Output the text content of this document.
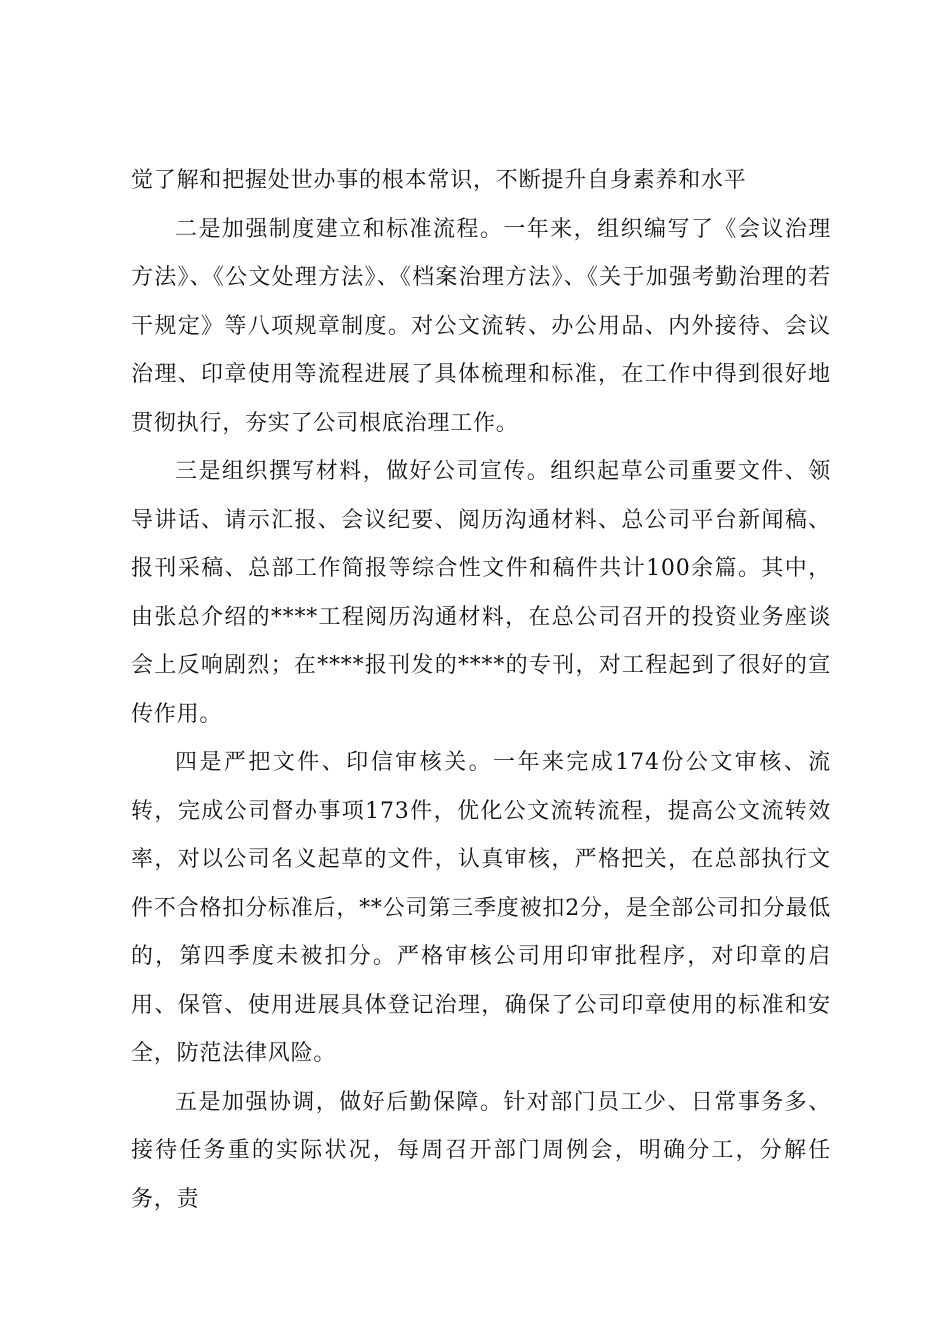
觉了解和把握处世办事的根本常识，不断提升自身素养和水平

二是加强制度建立和标准流程。一年来，组织编写了《会议治理方法》、《公文处理方法》、《档案治理方法》、《关于加强考勤治理的若干规定》等八项规章制度。对公文流转、办公用品、内外接待、会议治理、印章使用等流程进展了具体梳理和标准，在工作中得到很好地贯彻执行，夯实了公司根底治理工作。

三是组织撰写材料，做好公司宣传。组织起草公司重要文件、领导讲话、请示汇报、会议纪要、阅历沟通材料、总公司平台新闻稿、报刊采稿、总部工作简报等综合性文件和稿件共计100余篇。其中，由张总介绍的****工程阅历沟通材料，在总公司召开的投资业务座谈会上反响剧烈；在****报刊发的****的专刊，对工程起到了很好的宣传作用。

四是严把文件、印信审核关。一年来完成174份公文审核、流转，完成公司督办事项173件，优化公文流转流程，提高公文流转效率，对以公司名义起草的文件，认真审核，严格把关，在总部执行文件不合格扣分标准后，**公司第三季度被扣2分，是全部公司扣分最低的，第四季度未被扣分。严格审核公司用印审批程序，对印章的启用、保管、使用进展具体登记治理，确保了公司印章使用的标准和安全，防范法律风险。

五是加强协调，做好后勤保障。针对部门员工少、日常事务多、接待任务重的实际状况，每周召开部门周例会，明确分工，分解任务，责
